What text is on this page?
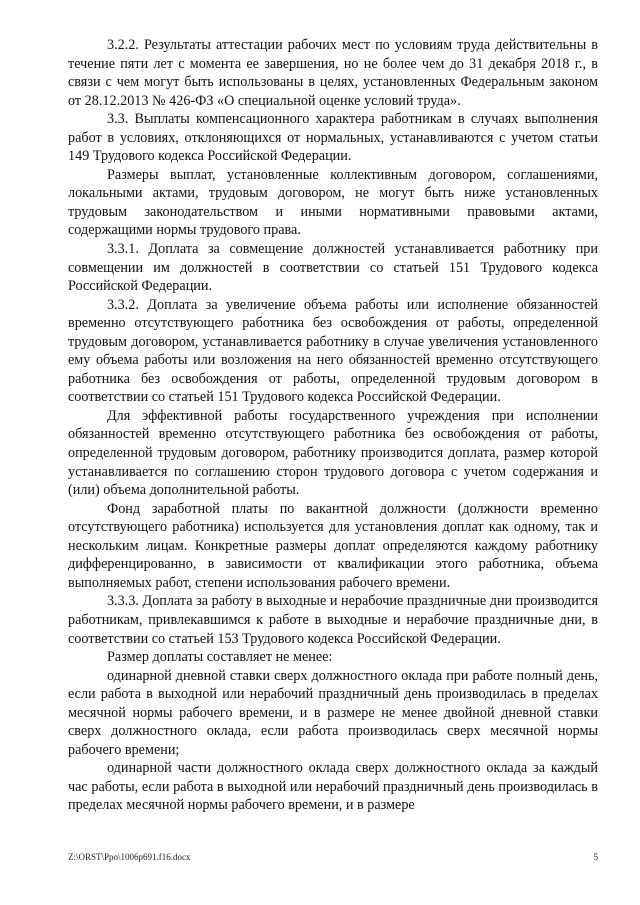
3.2.2. Результаты аттестации рабочих мест по условиям труда действительны в течение пяти лет с момента ее завершения, но не более чем до 31 декабря 2018 г., в связи с чем могут быть использованы в целях, установленных Федеральным законом от 28.12.2013 № 426-ФЗ «О специальной оценке условий труда».

3.3. Выплаты компенсационного характера работникам в случаях выполнения работ в условиях, отклоняющихся от нормальных, устанавливаются с учетом статьи 149 Трудового кодекса Российской Федерации.

Размеры выплат, установленные коллективным договором, соглашениями, локальными актами, трудовым договором, не могут быть ниже установленных трудовым законодательством и иными нормативными правовыми актами, содержащими нормы трудового права.

3.3.1. Доплата за совмещение должностей устанавливается работнику при совмещении им должностей в соответствии со статьей 151 Трудового кодекса Российской Федерации.

3.3.2. Доплата за увеличение объема работы или исполнение обязанностей временно отсутствующего работника без освобождения от работы, определенной трудовым договором, устанавливается работнику в случае увеличения установленного ему объема работы или возложения на него обязанностей временно отсутствующего работника без освобождения от работы, определенной трудовым договором в соответствии со статьей 151 Трудового кодекса Российской Федерации.

Для эффективной работы государственного учреждения при исполнении обязанностей временно отсутствующего работника без освобождения от работы, определенной трудовым договором, работнику производится доплата, размер которой устанавливается по соглашению сторон трудового договора с учетом содержания и (или) объема дополнительной работы.

Фонд заработной платы по вакантной должности (должности временно отсутствующего работника) используется для установления доплат как одному, так и нескольким лицам. Конкретные размеры доплат определяются каждому работнику дифференцированно, в зависимости от квалификации этого работника, объема выполняемых работ, степени использования рабочего времени.

3.3.3. Доплата за работу в выходные и нерабочие праздничные дни производится работникам, привлекавшимся к работе в выходные и нерабочие праздничные дни, в соответствии со статьей 153 Трудового кодекса Российской Федерации.

Размер доплаты составляет не менее:

одинарной дневной ставки сверх должностного оклада при работе полный день, если работа в выходной или нерабочий праздничный день производилась в пределах месячной нормы рабочего времени, и в размере не менее двойной дневной ставки сверх должностного оклада, если работа производилась сверх месячной нормы рабочего времени;

одинарной части должностного оклада сверх должностного оклада за каждый час работы, если работа в выходной или нерабочий праздничный день производилась в пределах месячной нормы рабочего времени, и в размере

Z:\ORST\Ppo\1006p691.f16.docx	5
